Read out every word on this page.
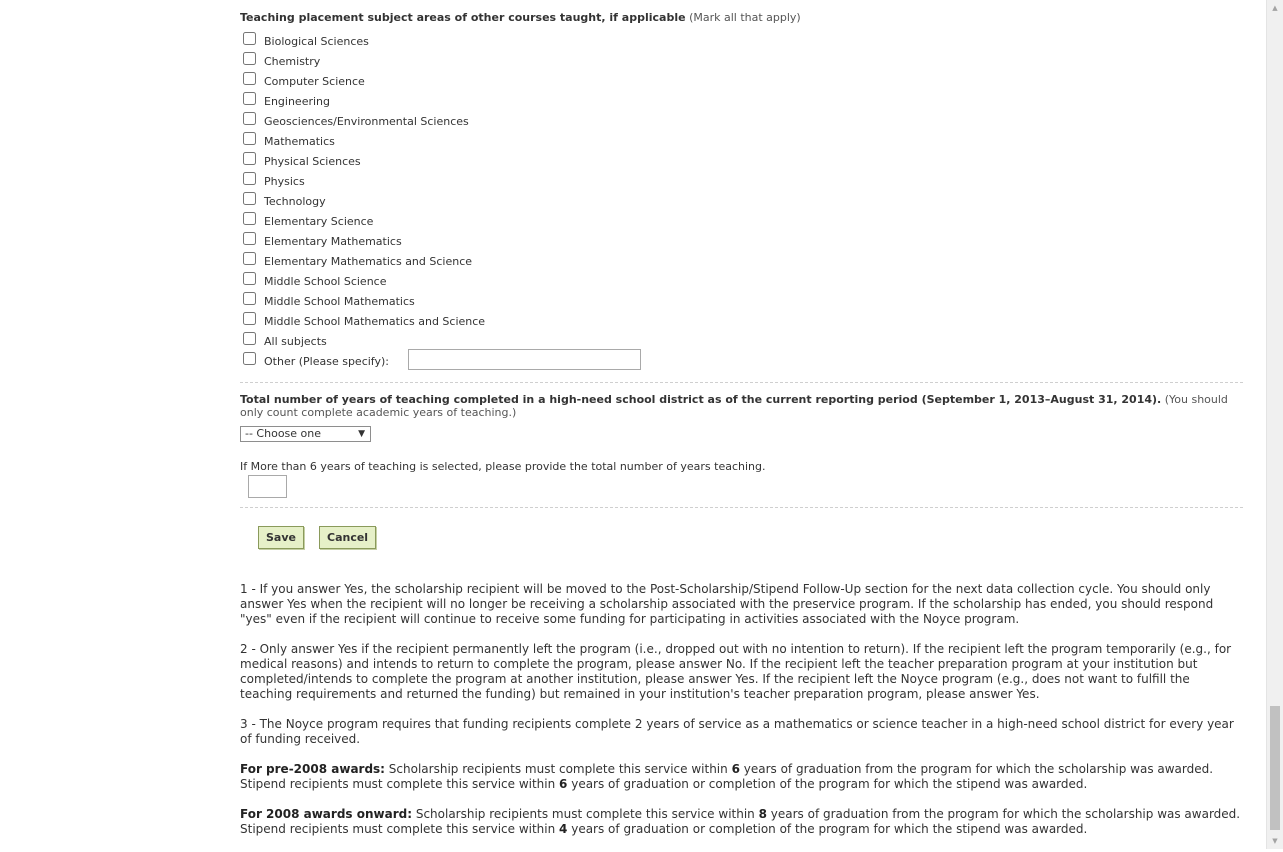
Teaching placement subject areas of other courses taught, if applicable (Mark all that apply)
Biological Sciences
Chemistry
Computer Science
Engineering
Geosciences/Environmental Sciences
Mathematics
Physical Sciences
Physics
Technology
Elementary Science
Elementary Mathematics
Elementary Mathematics and Science
Middle School Science
Middle School Mathematics
Middle School Mathematics and Science
All subjects
Other (Please specify):
Total number of years of teaching completed in a high-need school district as of the current reporting period (September 1, 2013–August 31, 2014). (You should only count complete academic years of teaching.)
-- Choose one	▼
If More than 6 years of teaching is selected, please provide the total number of years teaching.
Save	Cancel

1 - If you answer Yes, the scholarship recipient will be moved to the Post-Scholarship/Stipend Follow-Up section for the next data collection cycle. You should only answer Yes when the recipient will no longer be receiving a scholarship associated with the preservice program. If the scholarship has ended, you should respond "yes" even if the recipient will continue to receive some funding for participating in activities associated with the Noyce program.

2 - Only answer Yes if the recipient permanently left the program (i.e., dropped out with no intention to return). If the recipient left the program temporarily (e.g., for medical reasons) and intends to return to complete the program, please answer No. If the recipient left the teacher preparation program at your institution but completed/intends to complete the program at another institution, please answer Yes. If the recipient left the Noyce program (e.g., does not want to fulfill the teaching requirements and returned the funding) but remained in your institution's teacher preparation program, please answer Yes.

3 - The Noyce program requires that funding recipients complete 2 years of service as a mathematics or science teacher in a high-need school district for every year of funding received.

For pre-2008 awards: Scholarship recipients must complete this service within 6 years of graduation from the program for which the scholarship was awarded. Stipend recipients must complete this service within 6 years of graduation or completion of the program for which the stipend was awarded.

For 2008 awards onward: Scholarship recipients must complete this service within 8 years of graduation from the program for which the scholarship was awarded. Stipend recipients must complete this service within 4 years of graduation or completion of the program for which the stipend was awarded.

▲
▼
